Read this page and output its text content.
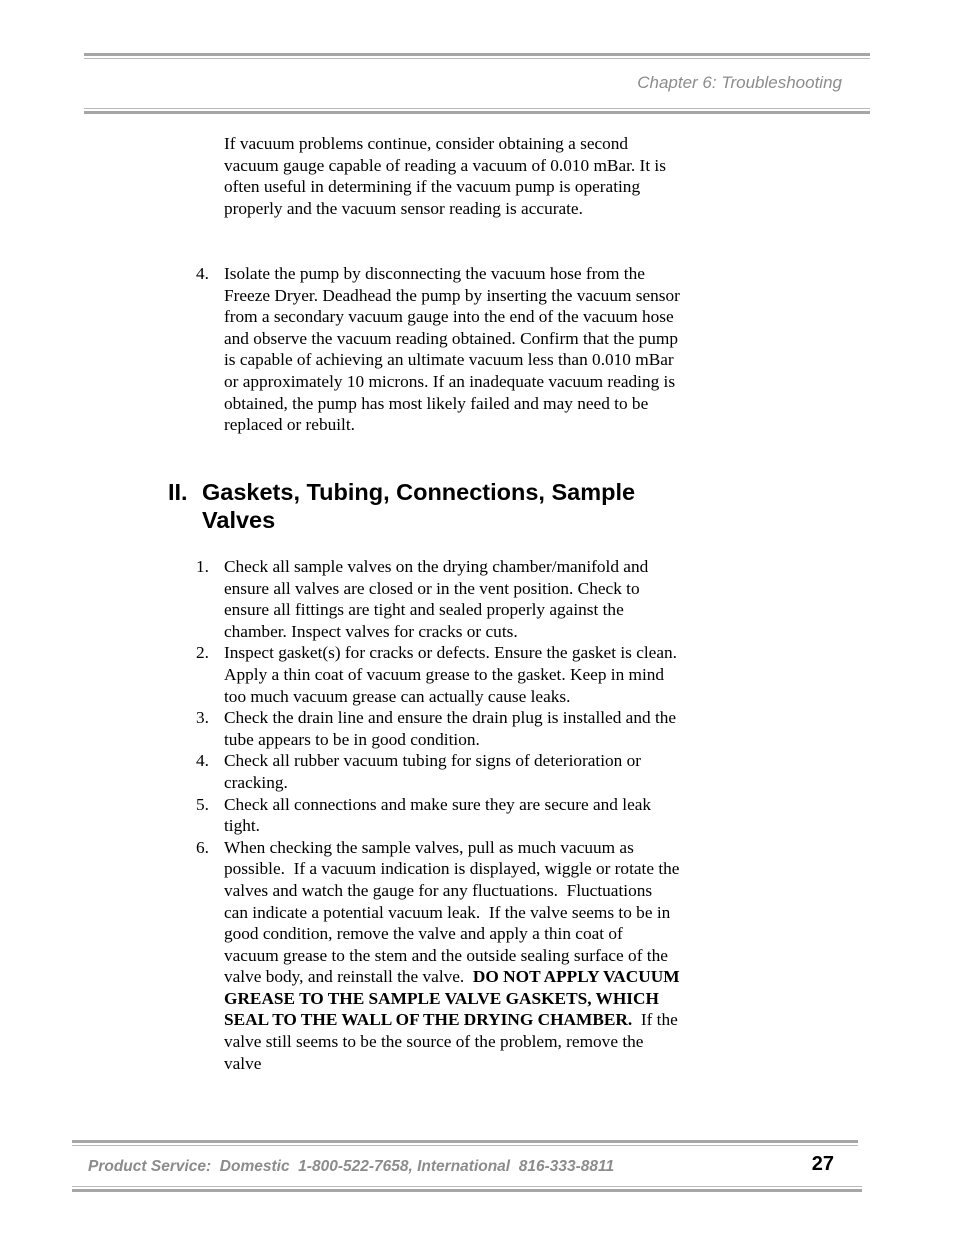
Chapter 6: Troubleshooting
If vacuum problems continue, consider obtaining a second vacuum gauge capable of reading a vacuum of 0.010 mBar. It is often useful in determining if the vacuum pump is operating properly and the vacuum sensor reading is accurate.
4. Isolate the pump by disconnecting the vacuum hose from the Freeze Dryer. Deadhead the pump by inserting the vacuum sensor from a secondary vacuum gauge into the end of the vacuum hose and observe the vacuum reading obtained. Confirm that the pump is capable of achieving an ultimate vacuum less than 0.010 mBar or approximately 10 microns. If an inadequate vacuum reading is obtained, the pump has most likely failed and may need to be replaced or rebuilt.
II. Gaskets, Tubing, Connections, Sample Valves
1. Check all sample valves on the drying chamber/manifold and ensure all valves are closed or in the vent position. Check to ensure all fittings are tight and sealed properly against the chamber. Inspect valves for cracks or cuts.
2. Inspect gasket(s) for cracks or defects. Ensure the gasket is clean. Apply a thin coat of vacuum grease to the gasket. Keep in mind too much vacuum grease can actually cause leaks.
3. Check the drain line and ensure the drain plug is installed and the tube appears to be in good condition.
4. Check all rubber vacuum tubing for signs of deterioration or cracking.
5. Check all connections and make sure they are secure and leak tight.
6. When checking the sample valves, pull as much vacuum as possible.  If a vacuum indication is displayed, wiggle or rotate the valves and watch the gauge for any fluctuations.  Fluctuations can indicate a potential vacuum leak.  If the valve seems to be in good condition, remove the valve and apply a thin coat of vacuum grease to the stem and the outside sealing surface of the valve body, and reinstall the valve.  DO NOT APPLY VACUUM GREASE TO THE SAMPLE VALVE GASKETS, WHICH SEAL TO THE WALL OF THE DRYING CHAMBER.  If the valve still seems to be the source of the problem, remove the valve
Product Service:  Domestic  1-800-522-7658, International  816-333-8811	27
